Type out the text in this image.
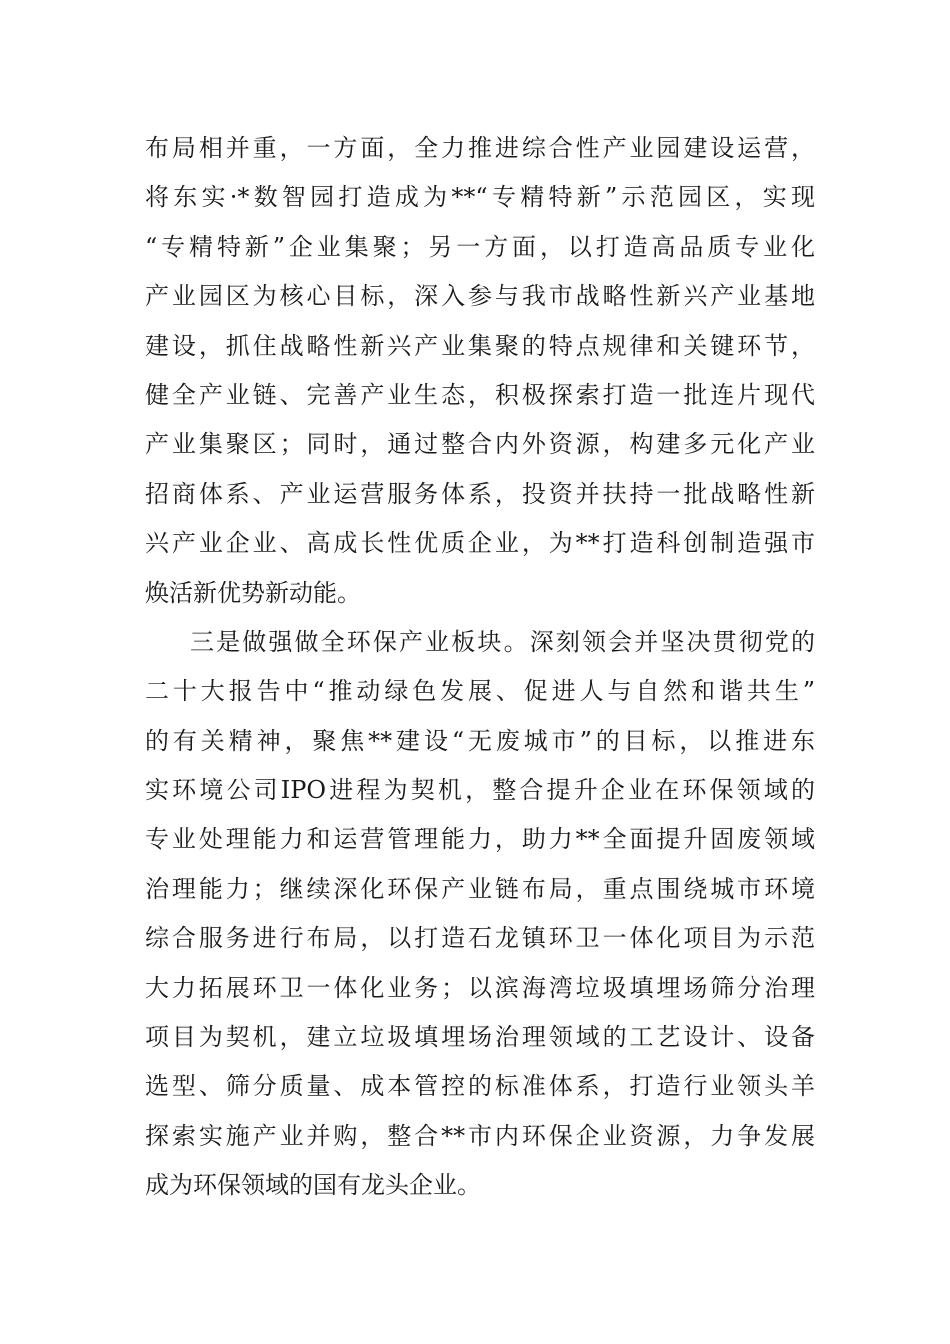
布局相并重，一方面，全力推进综合性产业园建设运营，
将东实·*数智园打造成为**“专精特新”示范园区，实现
“专精特新”企业集聚；另一方面，以打造高品质专业化
产业园区为核心目标，深入参与我市战略性新兴产业基地
建设，抓住战略性新兴产业集聚的特点规律和关键环节，
健全产业链、完善产业生态，积极探索打造一批连片现代
产业集聚区；同时，通过整合内外资源，构建多元化产业
招商体系、产业运营服务体系，投资并扶持一批战略性新
兴产业企业、高成长性优质企业，为**打造科创制造强市
焕活新优势新动能。
三是做强做全环保产业板块。深刻领会并坚决贯彻党的
二十大报告中“推动绿色发展、促进人与自然和谐共生”
的有关精神，聚焦**建设“无废城市”的目标，以推进东
实环境公司IPO进程为契机，整合提升企业在环保领域的
专业处理能力和运营管理能力，助力**全面提升固废领域
治理能力；继续深化环保产业链布局，重点围绕城市环境
综合服务进行布局，以打造石龙镇环卫一体化项目为示范
大力拓展环卫一体化业务；以滨海湾垃圾填埋场筛分治理
项目为契机，建立垃圾填埋场治理领域的工艺设计、设备
选型、筛分质量、成本管控的标准体系，打造行业领头羊
探索实施产业并购，整合**市内环保企业资源，力争发展
成为环保领域的国有龙头企业。
